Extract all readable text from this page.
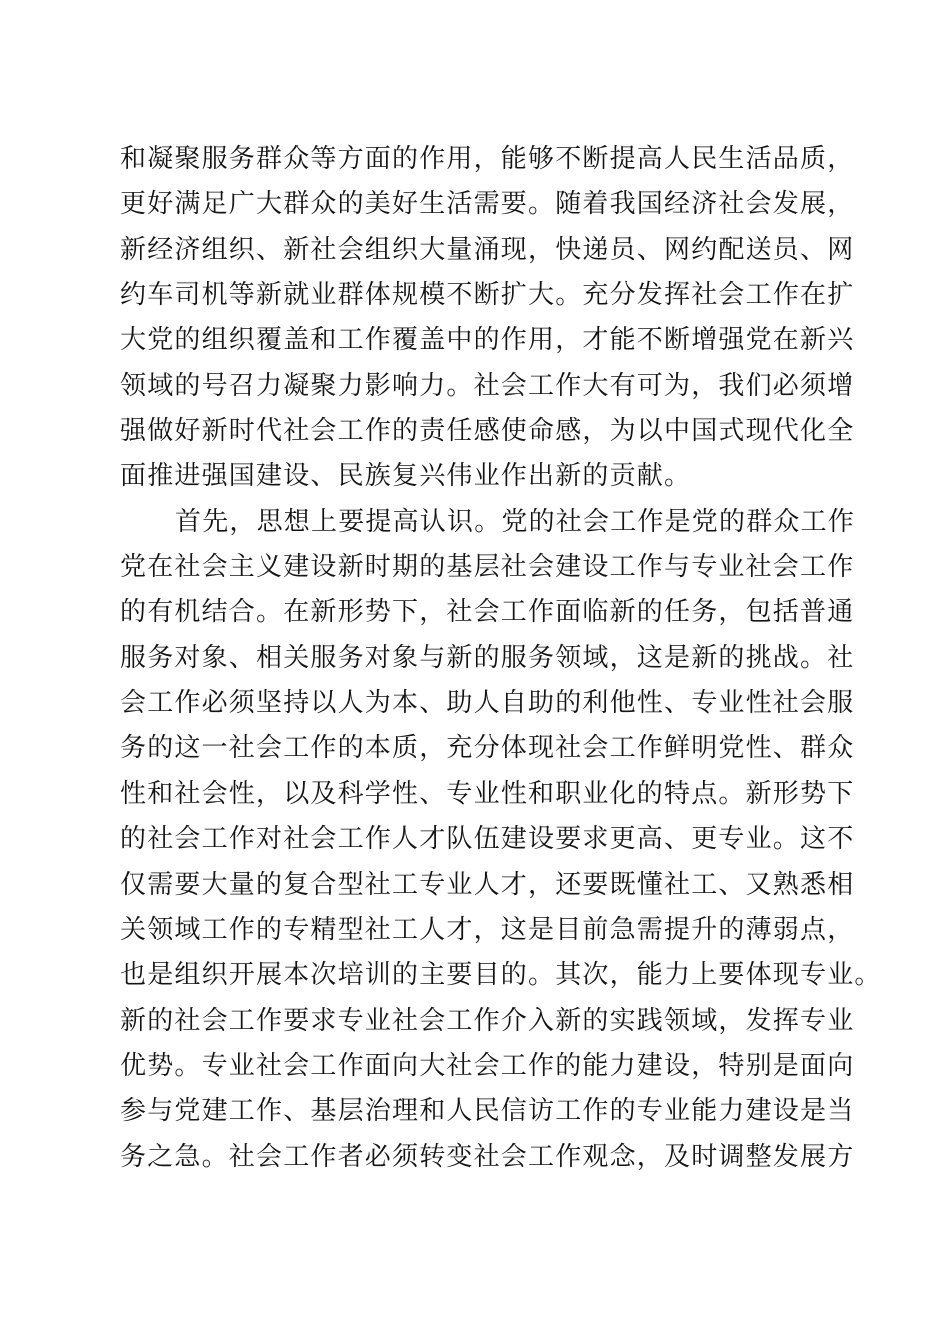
和凝聚服务群众等方面的作用，能够不断提高人民生活品质，
更好满足广大群众的美好生活需要。随着我国经济社会发展，
新经济组织、新社会组织大量涌现，快递员、网约配送员、网
约车司机等新就业群体规模不断扩大。充分发挥社会工作在扩
大党的组织覆盖和工作覆盖中的作用，才能不断增强党在新兴
领域的号召力凝聚力影响力。社会工作大有可为，我们必须增
强做好新时代社会工作的责任感使命感，为以中国式现代化全
面推进强国建设、民族复兴伟业作出新的贡献。
首先，思想上要提高认识。党的社会工作是党的群众工作
党在社会主义建设新时期的基层社会建设工作与专业社会工作
的有机结合。在新形势下，社会工作面临新的任务，包括普通
服务对象、相关服务对象与新的服务领域，这是新的挑战。社
会工作必须坚持以人为本、助人自助的利他性、专业性社会服
务的这一社会工作的本质，充分体现社会工作鲜明党性、群众
性和社会性，以及科学性、专业性和职业化的特点。新形势下
的社会工作对社会工作人才队伍建设要求更高、更专业。这不
仅需要大量的复合型社工专业人才，还要既懂社工、又熟悉相
关领域工作的专精型社工人才，这是目前急需提升的薄弱点，
也是组织开展本次培训的主要目的。其次，能力上要体现专业。
新的社会工作要求专业社会工作介入新的实践领域，发挥专业
优势。专业社会工作面向大社会工作的能力建设，特别是面向
参与党建工作、基层治理和人民信访工作的专业能力建设是当
务之急。社会工作者必须转变社会工作观念，及时调整发展方
